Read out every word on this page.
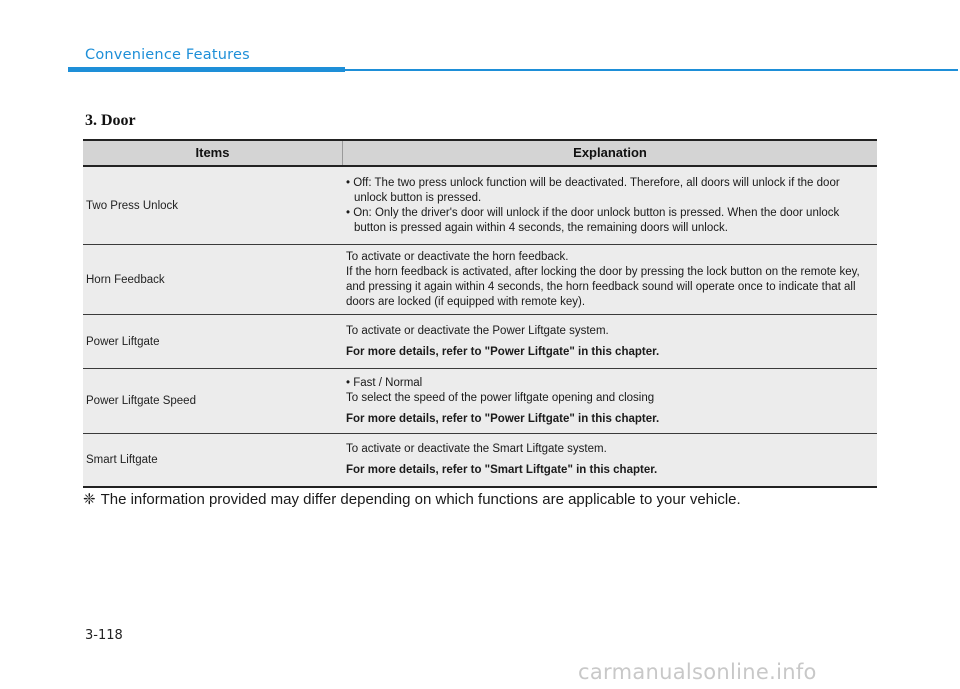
Convenience Features
3. Door
Items	Explanation
Two Press Unlock
• Off: The two press unlock function will be deactivated. Therefore, all doors will unlock if the door unlock button is pressed.
• On: Only the driver's door will unlock if the door unlock button is pressed. When the door unlock button is pressed again within 4 seconds, the remaining doors will unlock.
Horn Feedback
To activate or deactivate the horn feedback.
If the horn feedback is activated, after locking the door by pressing the lock button on the remote key, and pressing it again within 4 seconds, the horn feedback sound will operate once to indicate that all doors are locked (if equipped with remote key).
Power Liftgate
To activate or deactivate the Power Liftgate system.
For more details, refer to "Power Liftgate" in this chapter.
Power Liftgate Speed
• Fast / Normal
To select the speed of the power liftgate opening and closing
For more details, refer to "Power Liftgate" in this chapter.
Smart Liftgate
To activate or deactivate the Smart Liftgate system.
For more details, refer to "Smart Liftgate" in this chapter.
❈ The information provided may differ depending on which functions are applicable to your vehicle.
3-118
carmanualsonline.info
